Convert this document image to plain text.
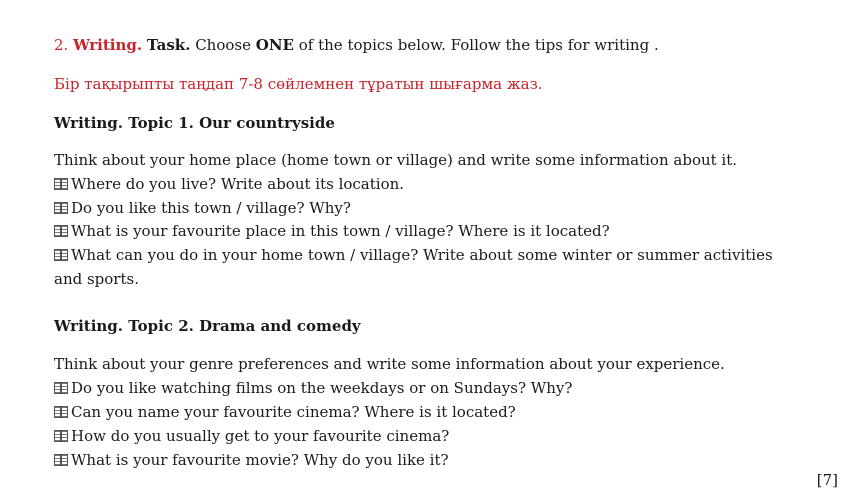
2. Writing. Task. Choose ONE of the topics below. Follow the tips for writing .
Бір тақырыпты таңдап 7-8 сөйлемнен тұратын шығарма жаз.
Writing. Topic 1. Our countryside
Think about your home place (home town or village) and write some information about it.
Where do you live? Write about its location.
Do you like this town / village? Why?
What is your favourite place in this town / village? Where is it located?
What can you do in your home town / village? Write about some winter or summer activities
and sports.
Writing. Topic 2. Drama and comedy
Think about your genre preferences and write some information about your experience.
Do you like watching films on the weekdays or on Sundays? Why?
Can you name your favourite cinema? Where is it located?
How do you usually get to your favourite cinema?
What is your favourite movie? Why do you like it?
[7]
